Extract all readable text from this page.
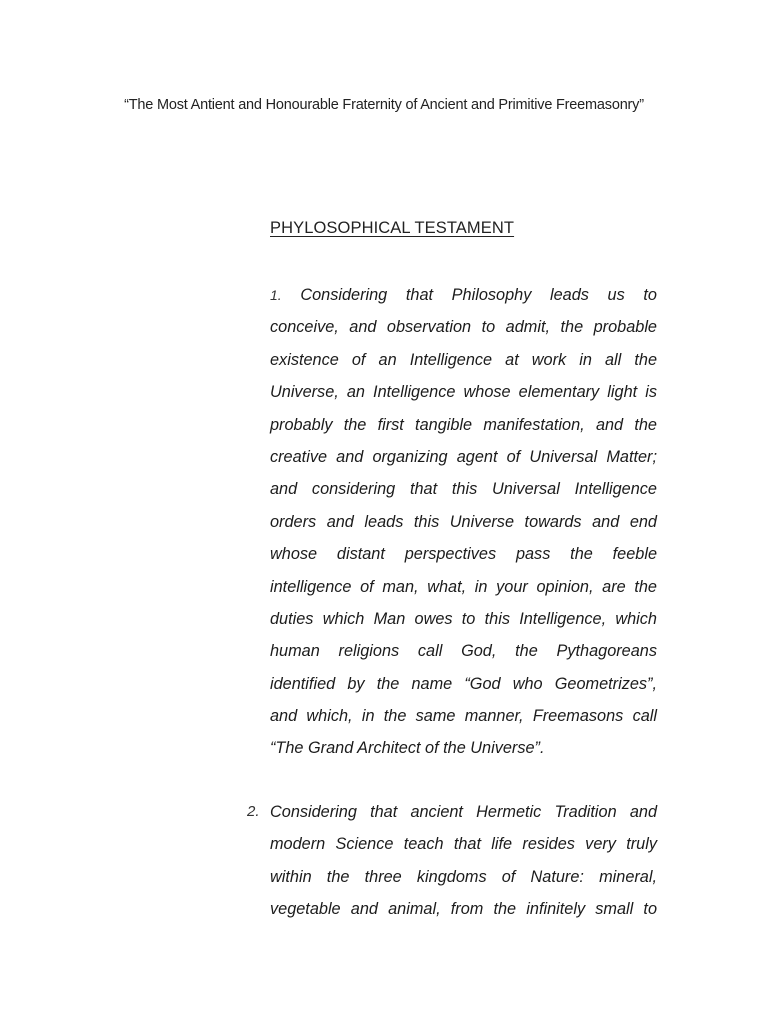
“The Most Antient and Honourable Fraternity of Ancient and Primitive Freemasonry”
PHYLOSOPHICAL TESTAMENT
1. Considering that Philosophy leads us to
conceive, and observation to admit, the probable
existence of an Intelligence at work in all the
Universe, an Intelligence whose elementary light is
probably the first tangible manifestation, and the
creative and organizing agent of Universal Matter;
and considering that this Universal Intelligence
orders and leads this Universe towards and end
whose distant perspectives pass the feeble
intelligence of man, what, in your opinion, are the
duties which Man owes to this Intelligence, which
human religions call God, the Pythagoreans
identified by the name “God who Geometrizes”,
and which, in the same manner, Freemasons call
“The Grand Architect of the Universe”.
2. Considering that ancient Hermetic Tradition and
modern Science teach that life resides very truly
within the three kingdoms of Nature: mineral,
vegetable and animal, from the infinitely small to
